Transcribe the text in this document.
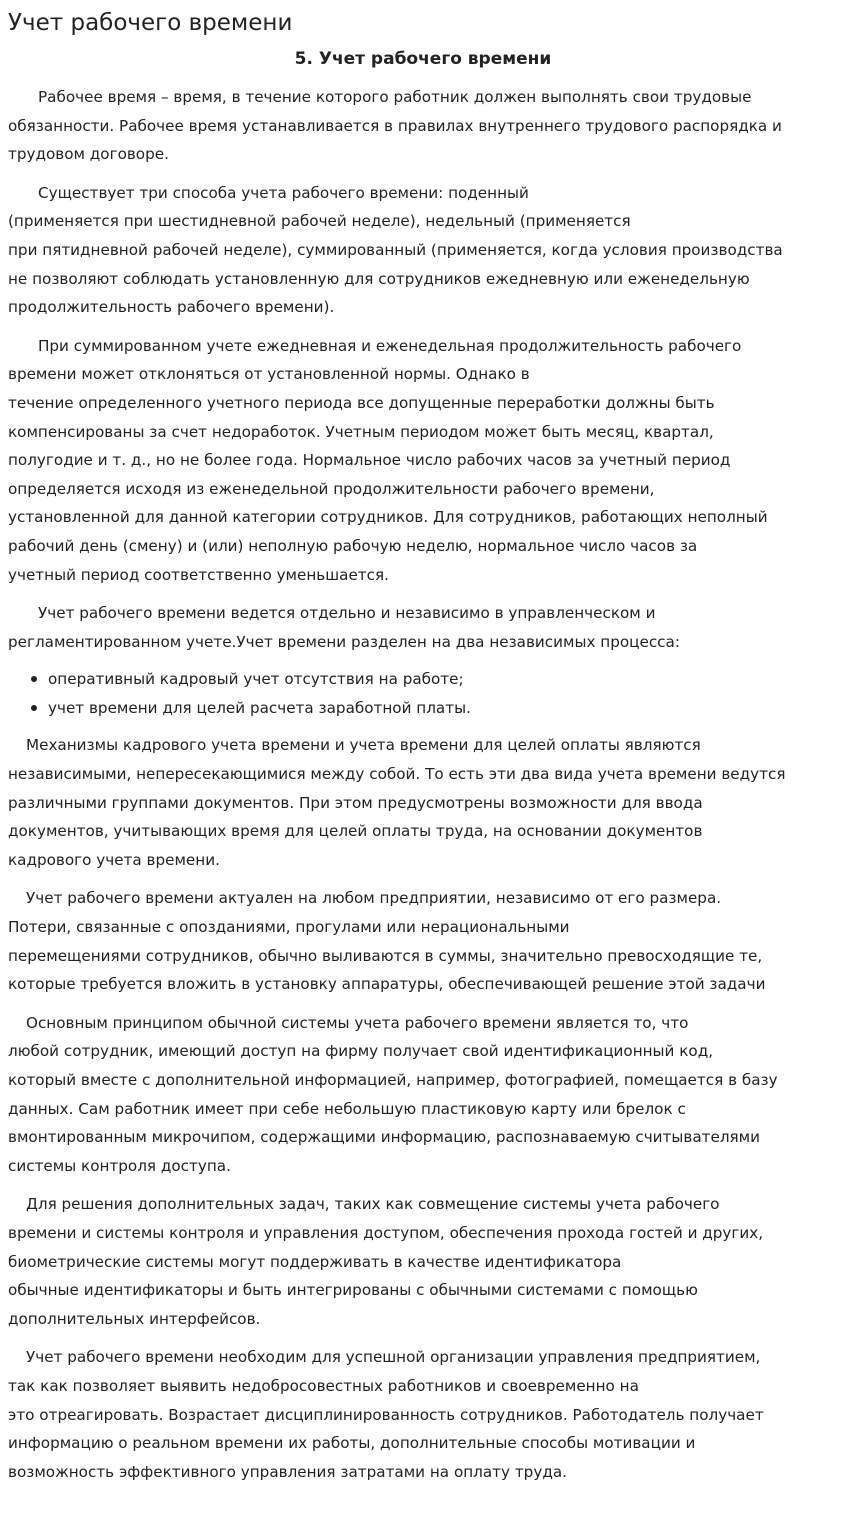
Учет рабочего времени
5. Учет рабочего времени

Рабочее время – время, в течение которого работник должен выполнять свои трудовые
обязанности. Рабочее время устанавливается в правилах внутреннего трудового распорядка и
трудовом договоре.

Существует три способа учета рабочего времени: поденный
(применяется при шестидневной рабочей неделе), недельный (применяется
при пятидневной рабочей неделе), суммированный (применяется, когда условия производства
не позволяют соблюдать установленную для сотрудников ежедневную или еженедельную
продолжительность рабочего времени).

При суммированном учете ежедневная и еженедельная продолжительность рабочего
времени может отклоняться от установленной нормы. Однако в
течение определенного учетного периода все допущенные переработки должны быть
компенсированы за счет недоработок. Учетным периодом может быть месяц, квартал,
полугодие и т. д., но не более года. Нормальное число рабочих часов за учетный период
определяется исходя из еженедельной продолжительности рабочего времени,
установленной для данной категории сотрудников. Для сотрудников, работающих неполный
рабочий день (смену) и (или) неполную рабочую неделю, нормальное число часов за
учетный период соответственно уменьшается.

Учет рабочего времени ведется отдельно и независимо в управленческом и
регламентированном учете.Учет времени разделен на два независимых процесса:

оперативный кадровый учет отсутствия на работе;
учет времени для целей расчета заработной платы.

Механизмы кадрового учета времени и учета времени для целей оплаты являются
независимыми, непересекающимися между собой. То есть эти два вида учета времени ведутся
различными группами документов. При этом предусмотрены возможности для ввода
документов, учитывающих время для целей оплаты труда, на основании документов
кадрового учета времени.

Учет рабочего времени актуален на любом предприятии, независимо от его размера.
Потери, связанные с опозданиями, прогулами или нерациональными
перемещениями сотрудников, обычно выливаются в суммы, значительно превосходящие те,
которые требуется вложить в установку аппаратуры, обеспечивающей решение этой задачи

Основным принципом обычной системы учета рабочего времени является то, что
любой сотрудник, имеющий доступ на фирму получает свой идентификационный код,
который вместе с дополнительной информацией, например, фотографией, помещается в базу
данных. Сам работник имеет при себе небольшую пластиковую карту или брелок с
вмонтированным микрочипом, содержащими информацию, распознаваемую считывателями
системы контроля доступа.

Для решения дополнительных задач, таких как совмещение системы учета рабочего
времени и системы контроля и управления доступом, обеспечения прохода гостей и других,
биометрические системы могут поддерживать в качестве идентификатора
обычные идентификаторы и быть интегрированы с обычными системами с помощью
дополнительных интерфейсов.

Учет рабочего времени необходим для успешной организации управления предприятием,
так как позволяет выявить недобросовестных работников и своевременно на
это отреагировать. Возрастает дисциплинированность сотрудников. Работодатель получает
информацию о реальном времени их работы, дополнительные способы мотивации и
возможность эффективного управления затратами на оплату труда.
